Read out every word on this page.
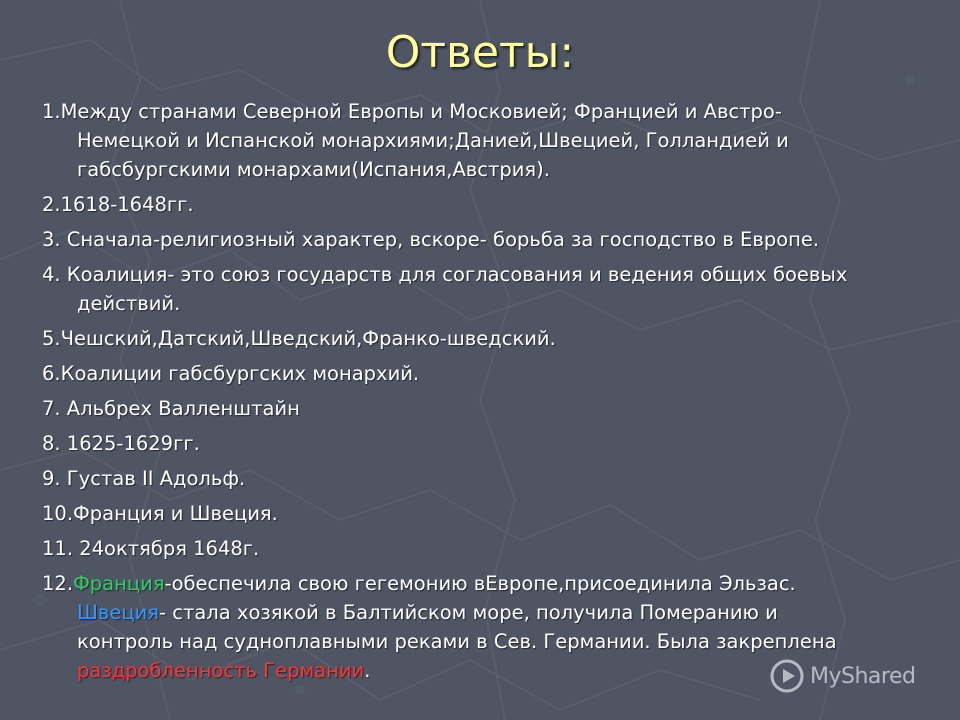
Ответы:
1.Между странами Северной Европы и Московией; Францией и Австро-
Немецкой и Испанской монархиями;Данией,Швецией, Голландией и
габсбургскими монархами(Испания,Австрия).
2.1618-1648гг.
3. Сначала-религиозный характер, вскоре- борьба за господство в Европе.
4. Коалиция- это союз государств для согласования и ведения общих боевых
действий.
5.Чешский,Датский,Шведский,Франко-шведский.
6.Коалиции габсбургских монархий.
7. Альбрех Валленштайн
8. 1625-1629гг.
9. Густав II Адольф.
10.Франция и Швеция.
11. 24октября 1648г.
12.Франция-обеспечила свою гегемонию вЕвропе,присоединила Эльзас.
Швеция- стала хозякой в Балтийском море, получила Померанию и
контроль над судноплавными реками в Сев. Германии. Была закреплена
раздробленность Германии.	MyShared
